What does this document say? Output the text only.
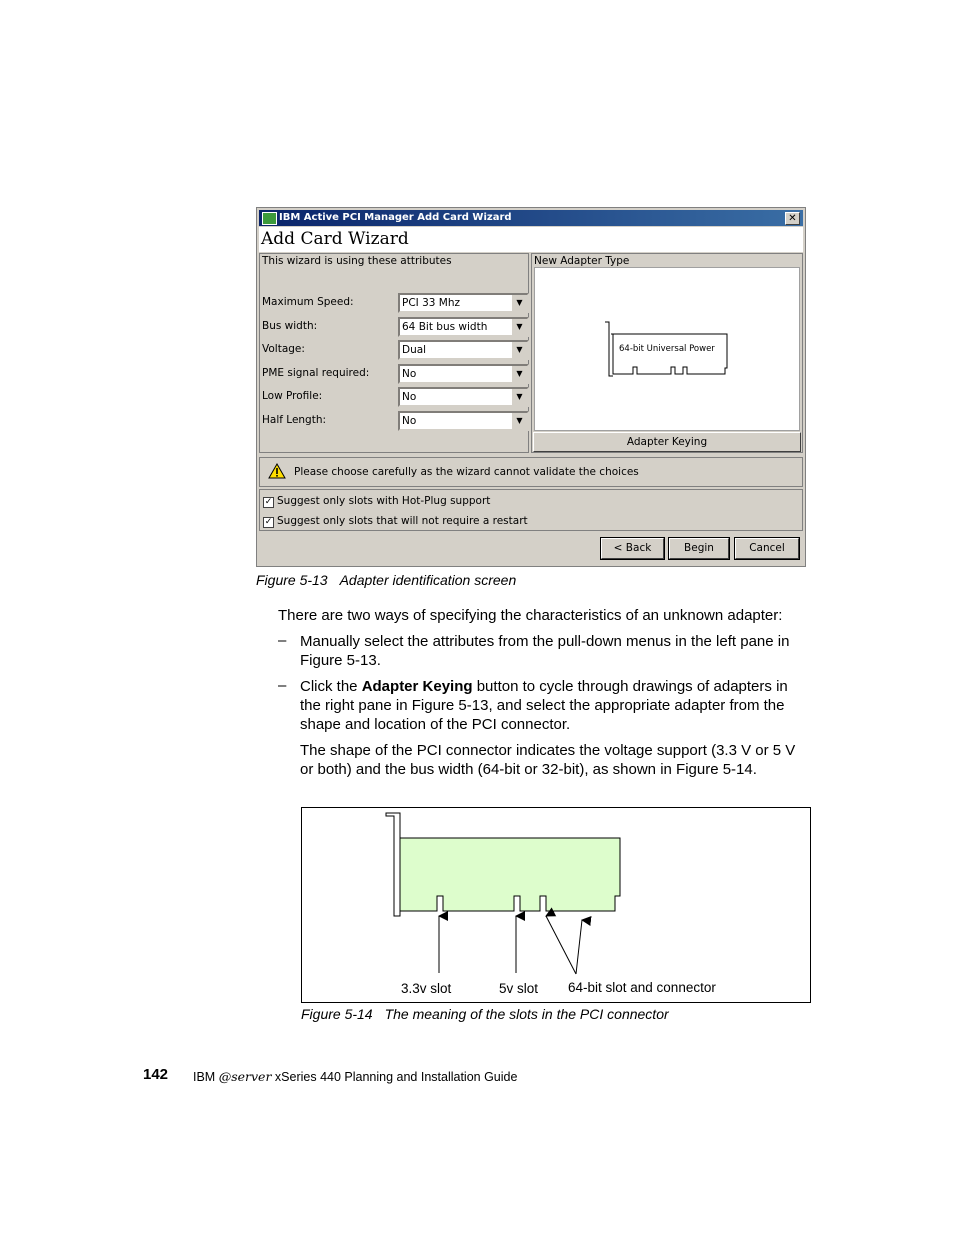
IBM Active PCI Manager Add Card Wizard	✕
Add Card Wizard
This wizard is using these attributes
Maximum Speed:	PCI 33 Mhz	▼
Bus width:	64 Bit bus width	▼
Voltage:	Dual	▼
PME signal required:	No	▼
Low Profile:	No	▼
Half Length:	No	▼
New Adapter Type
64-bit Universal Power
Adapter Keying
Please choose carefully as the wizard cannot validate the choices
✓ Suggest only slots with Hot-Plug support
✓ Suggest only slots that will not require a restart
< Back	Begin	Cancel
Figure 5-13 Adapter identification screen
There are two ways of specifying the characteristics of an unknown adapter:
– Manually select the attributes from the pull-down menus in the left pane in Figure 5-13.
– Click the Adapter Keying button to cycle through drawings of adapters in the right pane in Figure 5-13, and select the appropriate adapter from the shape and location of the PCI connector.
The shape of the PCI connector indicates the voltage support (3.3 V or 5 V or both) and the bus width (64-bit or 32-bit), as shown in Figure 5-14.
3.3v slot	5v slot 64-bit slot and connector
Figure 5-14 The meaning of the slots in the PCI connector
142 IBM @server xSeries 440 Planning and Installation Guide
